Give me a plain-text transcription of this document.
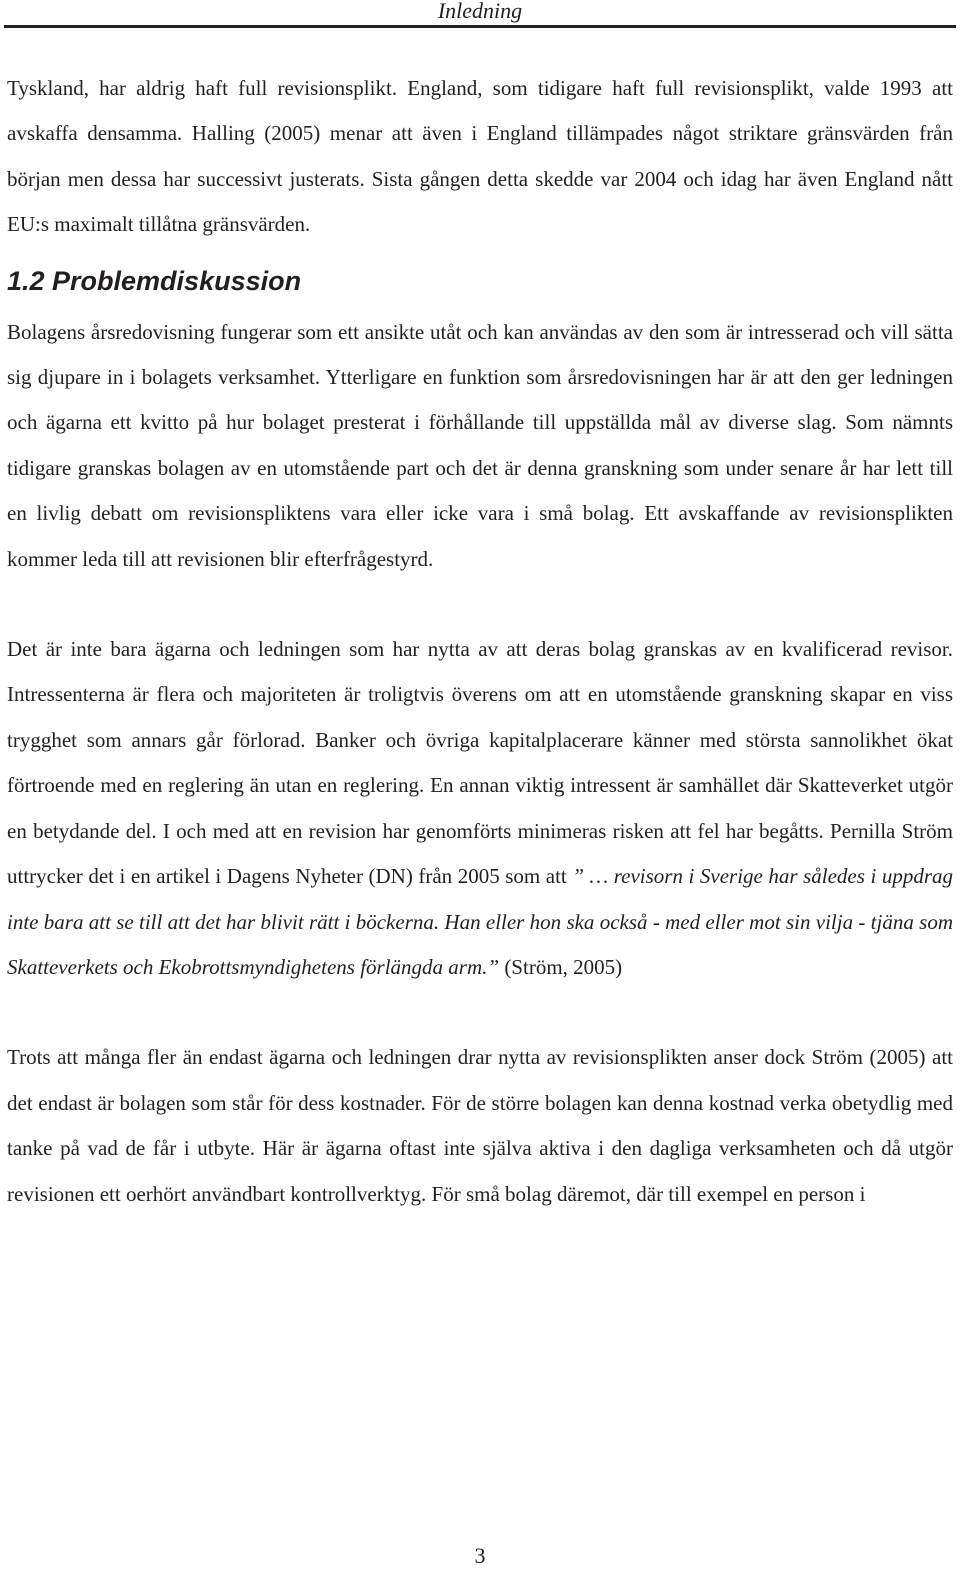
Inledning

Tyskland, har aldrig haft full revisionsplikt. England, som tidigare haft full revisionsplikt, valde 1993 att avskaffa densamma. Halling (2005) menar att även i England tillämpades något striktare gränsvärden från början men dessa har successivt justerats. Sista gången detta skedde var 2004 och idag har även England nått EU:s maximalt tillåtna gränsvärden.

1.2 Problemdiskussion

Bolagens årsredovisning fungerar som ett ansikte utåt och kan användas av den som är intresserad och vill sätta sig djupare in i bolagets verksamhet. Ytterligare en funktion som årsredovisningen har är att den ger ledningen och ägarna ett kvitto på hur bolaget presterat i förhållande till uppställda mål av diverse slag. Som nämnts tidigare granskas bolagen av en utomstående part och det är denna granskning som under senare år har lett till en livlig debatt om revisionspliktens vara eller icke vara i små bolag. Ett avskaffande av revisionsplikten kommer leda till att revisionen blir efterfrågestyrd.

Det är inte bara ägarna och ledningen som har nytta av att deras bolag granskas av en kvalificerad revisor. Intressenterna är flera och majoriteten är troligtvis överens om att en utomstående granskning skapar en viss trygghet som annars går förlorad. Banker och övriga kapitalplacerare känner med största sannolikhet ökat förtroende med en reglering än utan en reglering. En annan viktig intressent är samhället där Skatteverket utgör en betydande del. I och med att en revision har genomförts minimeras risken att fel har begåtts. Pernilla Ström uttrycker det i en artikel i Dagens Nyheter (DN) från 2005 som att ” … revisorn i Sverige har således i uppdrag inte bara att se till att det har blivit rätt i böckerna. Han eller hon ska också - med eller mot sin vilja - tjäna som Skatteverkets och Ekobrottsmyndighetens förlängda arm.” (Ström, 2005)

Trots att många fler än endast ägarna och ledningen drar nytta av revisionsplikten anser dock Ström (2005) att det endast är bolagen som står för dess kostnader. För de större bolagen kan denna kostnad verka obetydlig med tanke på vad de får i utbyte. Här är ägarna oftast inte själva aktiva i den dagliga verksamheten och då utgör revisionen ett oerhört användbart kontrollverktyg. För små bolag däremot, där till exempel en person i

3
